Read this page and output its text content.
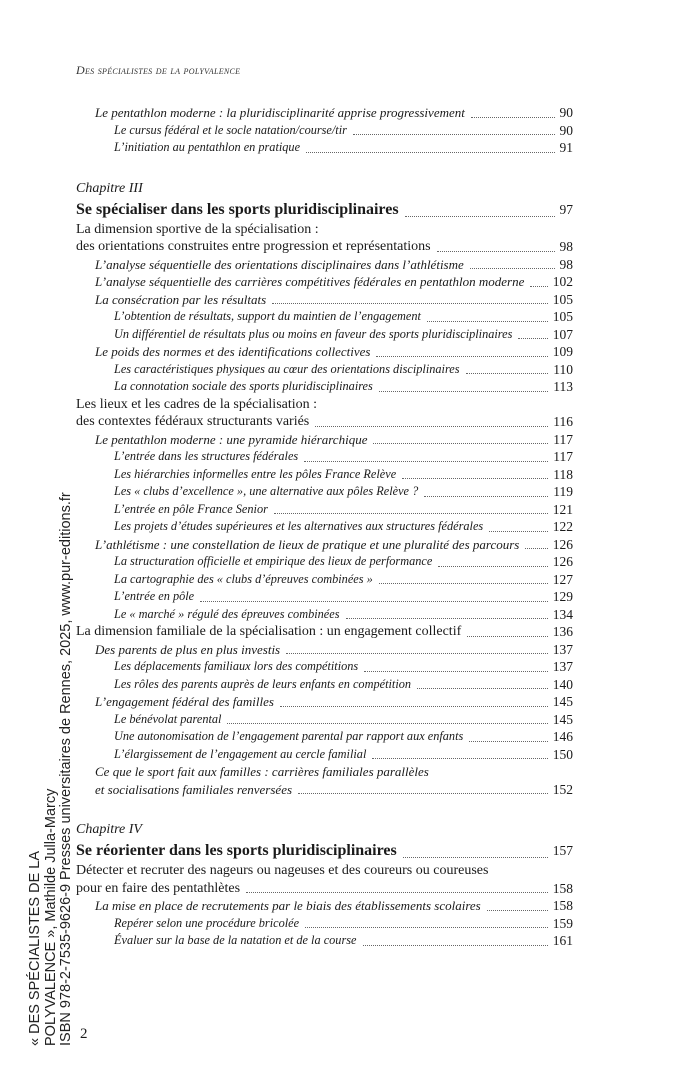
Des spécialistes de la polyvalence
Le pentathlon moderne : la pluridisciplinarité apprise progressivement	90
Le cursus fédéral et le socle natation/course/tir	90
L’initiation au pentathlon en pratique	91
Chapitre III
Se spécialiser dans les sports pluridisciplinaires	97
La dimension sportive de la spécialisation :
des orientations construites entre progression et représentations	98
L’analyse séquentielle des orientations disciplinaires dans l’athlétisme	98
L’analyse séquentielle des carrières compétitives fédérales en pentathlon moderne 102
La consécration par les résultats	105
L’obtention de résultats, support du maintien de l’engagement	105
Un différentiel de résultats plus ou moins en faveur des sports pluridisciplinaires	107
Le poids des normes et des identifications collectives	109
Les caractéristiques physiques au cœur des orientations disciplinaires	110
La connotation sociale des sports pluridisciplinaires	113
Les lieux et les cadres de la spécialisation :
des contextes fédéraux structurants variés	116
Le pentathlon moderne : une pyramide hiérarchique	117
L’entrée dans les structures fédérales	117
Les hiérarchies informelles entre les pôles France Relève	118
Les « clubs d’excellence », une alternative aux pôles Relève ?	119
L’entrée en pôle France Senior	121
Les projets d’études supérieures et les alternatives aux structures fédérales	122
L’athlétisme : une constellation de lieux de pratique et une pluralité des parcours 126
La structuration officielle et empirique des lieux de performance	126
La cartographie des « clubs d’épreuves combinées »	127
L’entrée en pôle	129
Le « marché » régulé des épreuves combinées	134
La dimension familiale de la spécialisation : un engagement collectif	136
Des parents de plus en plus investis	137
Les déplacements familiaux lors des compétitions	137
Les rôles des parents auprès de leurs enfants en compétition	140
L’engagement fédéral des familles	145
Le bénévolat parental	145
Une autonomisation de l’engagement parental par rapport aux enfants	146
L’élargissement de l’engagement au cercle familial	150
Ce que le sport fait aux familles : carrières familiales parallèles
et socialisations familiales renversées	152
Chapitre IV
Se réorienter dans les sports pluridisciplinaires	157
Détecter et recruter des nageurs ou nageuses et des coureurs ou coureuses
pour en faire des pentathlètes	158
La mise en place de recrutements par le biais des établissements scolaires	158
Repérer selon une procédure bricolée	159
Évaluer sur la base de la natation et de la course	161
2
« DES SPÉCIALISTES DE LA POLYVALENCE », Mathilde Julla-Marcy ISBN 978-2-7535-9626-9 Presses universitaires de Rennes, 2025, www.pur-editions.fr
